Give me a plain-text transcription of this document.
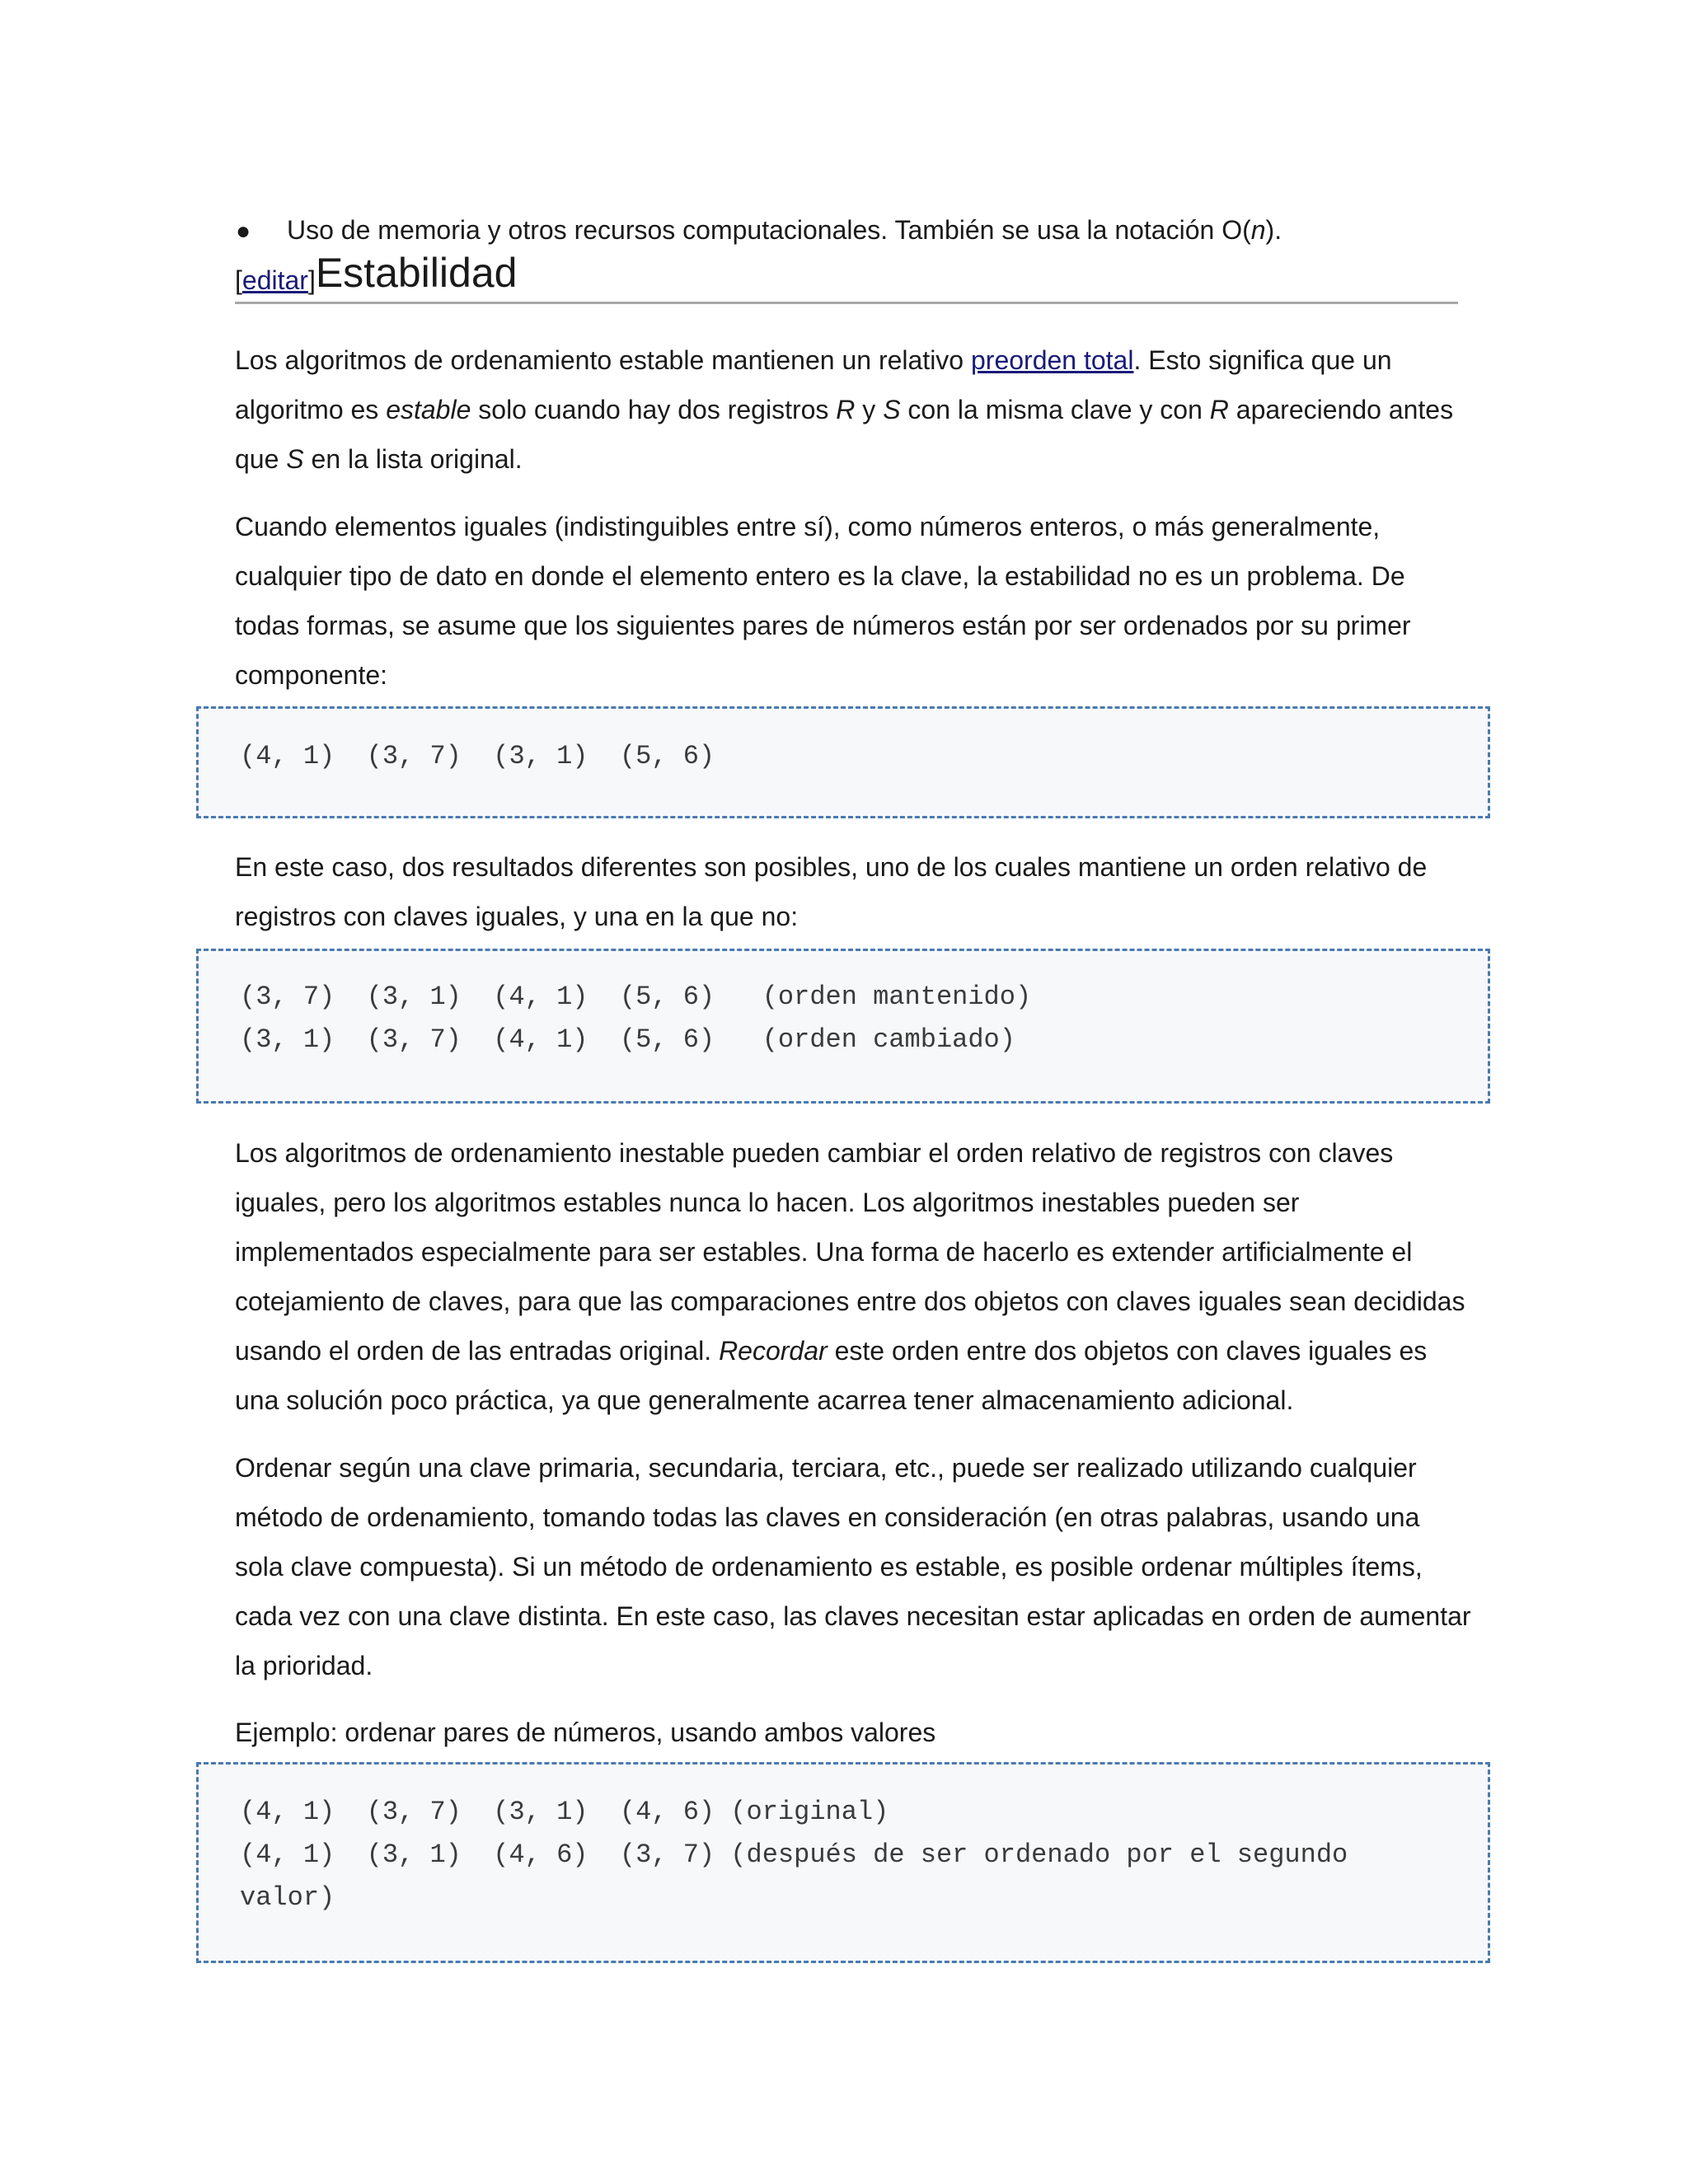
●	Uso de memoria y otros recursos computacionales. También se usa la notación O(n).
[editar] Estabilidad

Los algoritmos de ordenamiento estable mantienen un relativo preorden total. Esto significa que un algoritmo es estable solo cuando hay dos registros R y S con la misma clave y con R apareciendo antes que S en la lista original.

Cuando elementos iguales (indistinguibles entre sí), como números enteros, o más generalmente, cualquier tipo de dato en donde el elemento entero es la clave, la estabilidad no es un problema. De todas formas, se asume que los siguientes pares de números están por ser ordenados por su primer componente:

(4, 1)  (3, 7)  (3, 1)  (5, 6)

En este caso, dos resultados diferentes son posibles, uno de los cuales mantiene un orden relativo de registros con claves iguales, y una en la que no:

(3, 7)  (3, 1)  (4, 1)  (5, 6)   (orden mantenido)
(3, 1)  (3, 7)  (4, 1)  (5, 6)   (orden cambiado)

Los algoritmos de ordenamiento inestable pueden cambiar el orden relativo de registros con claves iguales, pero los algoritmos estables nunca lo hacen. Los algoritmos inestables pueden ser implementados especialmente para ser estables. Una forma de hacerlo es extender artificialmente el cotejamiento de claves, para que las comparaciones entre dos objetos con claves iguales sean decididas usando el orden de las entradas original. Recordar este orden entre dos objetos con claves iguales es una solución poco práctica, ya que generalmente acarrea tener almacenamiento adicional.

Ordenar según una clave primaria, secundaria, terciara, etc., puede ser realizado utilizando cualquier método de ordenamiento, tomando todas las claves en consideración (en otras palabras, usando una sola clave compuesta). Si un método de ordenamiento es estable, es posible ordenar múltiples ítems, cada vez con una clave distinta. En este caso, las claves necesitan estar aplicadas en orden de aumentar la prioridad.

Ejemplo: ordenar pares de números, usando ambos valores

(4, 1)  (3, 7)  (3, 1)  (4, 6) (original)
(4, 1)  (3, 1)  (4, 6)  (3, 7) (después de ser ordenado por el segundo valor)
